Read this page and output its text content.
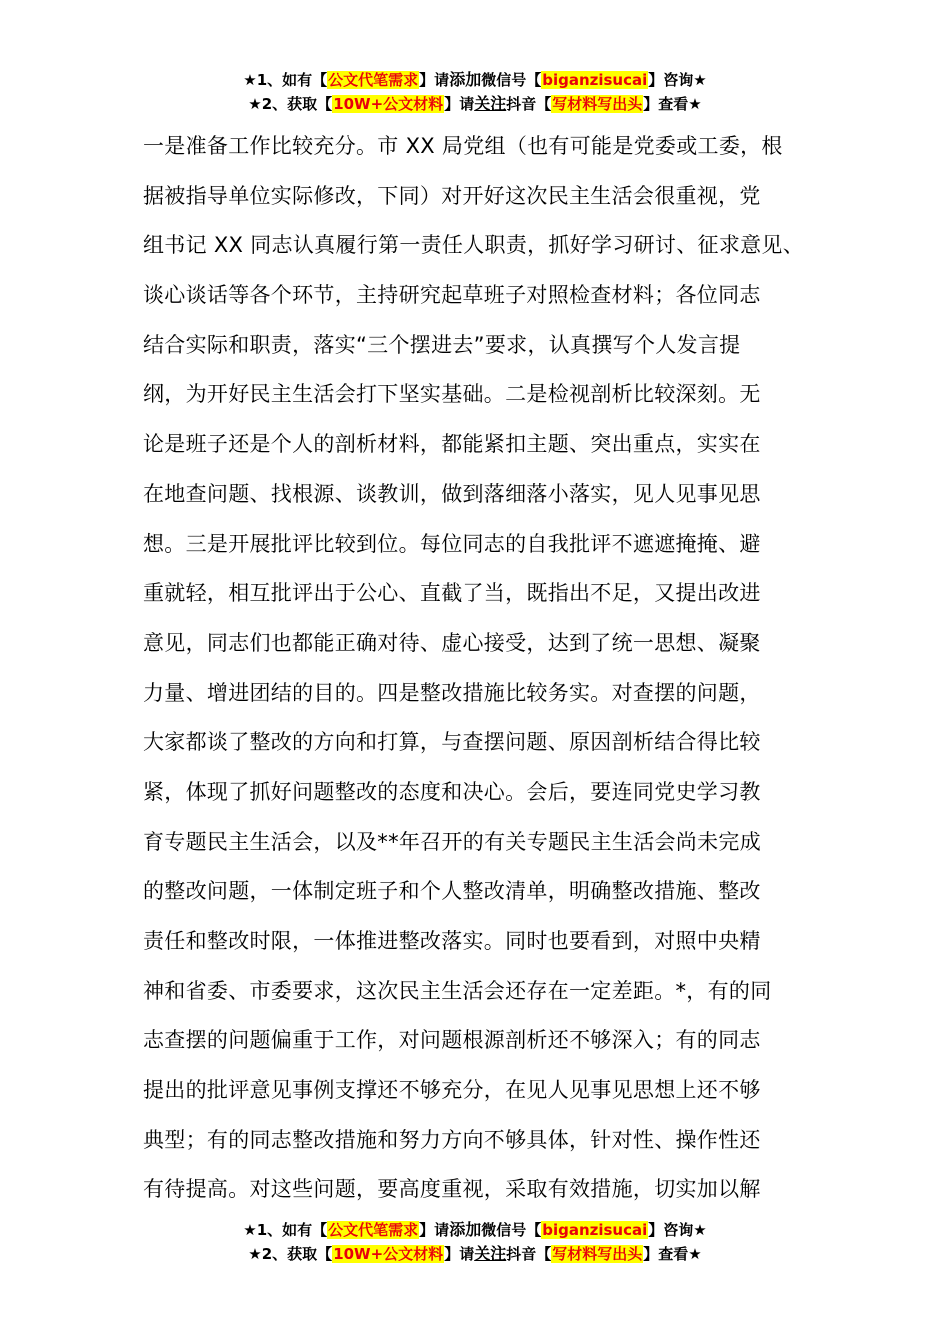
★1、如有【公文代笔需求】请添加微信号【biganzisucai】咨询★
★2、获取【10W+公文材料】请关注抖音【写材料写出头】查看★
一是准备工作比较充分。市 XX 局党组（也有可能是党委或工委，根
据被指导单位实际修改，下同）对开好这次民主生活会很重视，党
组书记 XX 同志认真履行第一责任人职责，抓好学习研讨、征求意见、
谈心谈话等各个环节，主持研究起草班子对照检查材料；各位同志
结合实际和职责，落实“三个摆进去”要求，认真撰写个人发言提
纲，为开好民主生活会打下坚实基础。二是检视剖析比较深刻。无
论是班子还是个人的剖析材料，都能紧扣主题、突出重点，实实在
在地查问题、找根源、谈教训，做到落细落小落实，见人见事见思
想。三是开展批评比较到位。每位同志的自我批评不遮遮掩掩、避
重就轻，相互批评出于公心、直截了当，既指出不足，又提出改进
意见，同志们也都能正确对待、虚心接受，达到了统一思想、凝聚
力量、增进团结的目的。四是整改措施比较务实。对查摆的问题，
大家都谈了整改的方向和打算，与查摆问题、原因剖析结合得比较
紧，体现了抓好问题整改的态度和决心。会后，要连同党史学习教
育专题民主生活会，以及**年召开的有关专题民主生活会尚未完成
的整改问题，一体制定班子和个人整改清单，明确整改措施、整改
责任和整改时限，一体推进整改落实。同时也要看到，对照中央精
神和省委、市委要求，这次民主生活会还存在一定差距。*，有的同
志查摆的问题偏重于工作，对问题根源剖析还不够深入；有的同志
提出的批评意见事例支撑还不够充分，在见人见事见思想上还不够
典型；有的同志整改措施和努力方向不够具体，针对性、操作性还
有待提高。对这些问题，要高度重视，采取有效措施，切实加以解
★1、如有【公文代笔需求】请添加微信号【biganzisucai】咨询★
★2、获取【10W+公文材料】请关注抖音【写材料写出头】查看★
